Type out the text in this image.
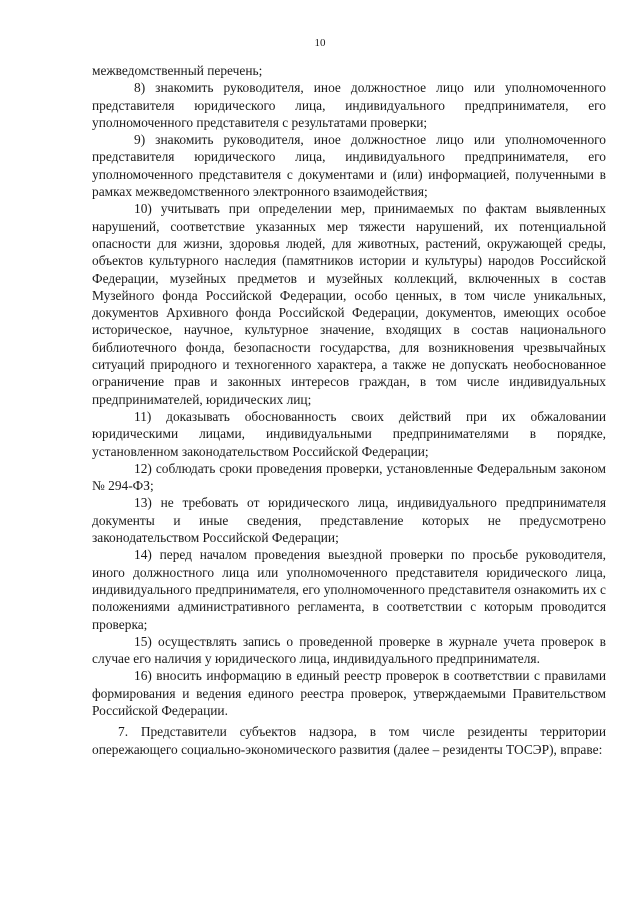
10

межведомственный перечень;

8) знакомить руководителя, иное должностное лицо или уполномоченного представителя юридического лица, индивидуального предпринимателя, его уполномоченного представителя с результатами проверки;

9) знакомить руководителя, иное должностное лицо или уполномоченного представителя юридического лица, индивидуального предпринимателя, его уполномоченного представителя с документами и (или) информацией, полученными в рамках межведомственного электронного взаимодействия;

10) учитывать при определении мер, принимаемых по фактам выявленных нарушений, соответствие указанных мер тяжести нарушений, их потенциальной опасности для жизни, здоровья людей, для животных, растений, окружающей среды, объектов культурного наследия (памятников истории и культуры) народов Российской Федерации, музейных предметов и музейных коллекций, включенных в состав Музейного фонда Российской Федерации, особо ценных, в том числе уникальных, документов Архивного фонда Российской Федерации, документов, имеющих особое историческое, научное, культурное значение, входящих в состав национального библиотечного фонда, безопасности государства, для возникновения чрезвычайных ситуаций природного и техногенного характера, а также не допускать необоснованное ограничение прав и законных интересов граждан, в том числе индивидуальных предпринимателей, юридических лиц;

11) доказывать обоснованность своих действий при их обжаловании юридическими лицами, индивидуальными предпринимателями в порядке, установленном законодательством Российской Федерации;

12) соблюдать сроки проведения проверки, установленные Федеральным законом № 294-ФЗ;

13) не требовать от юридического лица, индивидуального предпринимателя документы и иные сведения, представление которых не предусмотрено законодательством Российской Федерации;

14) перед началом проведения выездной проверки по просьбе руководителя, иного должностного лица или уполномоченного представителя юридического лица, индивидуального предпринимателя, его уполномоченного представителя ознакомить их с положениями административного регламента, в соответствии с которым проводится проверка;

15) осуществлять запись о проведенной проверке в журнале учета проверок в случае его наличия у юридического лица, индивидуального предпринимателя.

16) вносить информацию в единый реестр проверок в соответствии с правилами формирования и ведения единого реестра проверок, утверждаемыми Правительством Российской Федерации.

7. Представители субъектов надзора, в том числе резиденты территории опережающего социально-экономического развития (далее – резиденты ТОСЭР), вправе:
